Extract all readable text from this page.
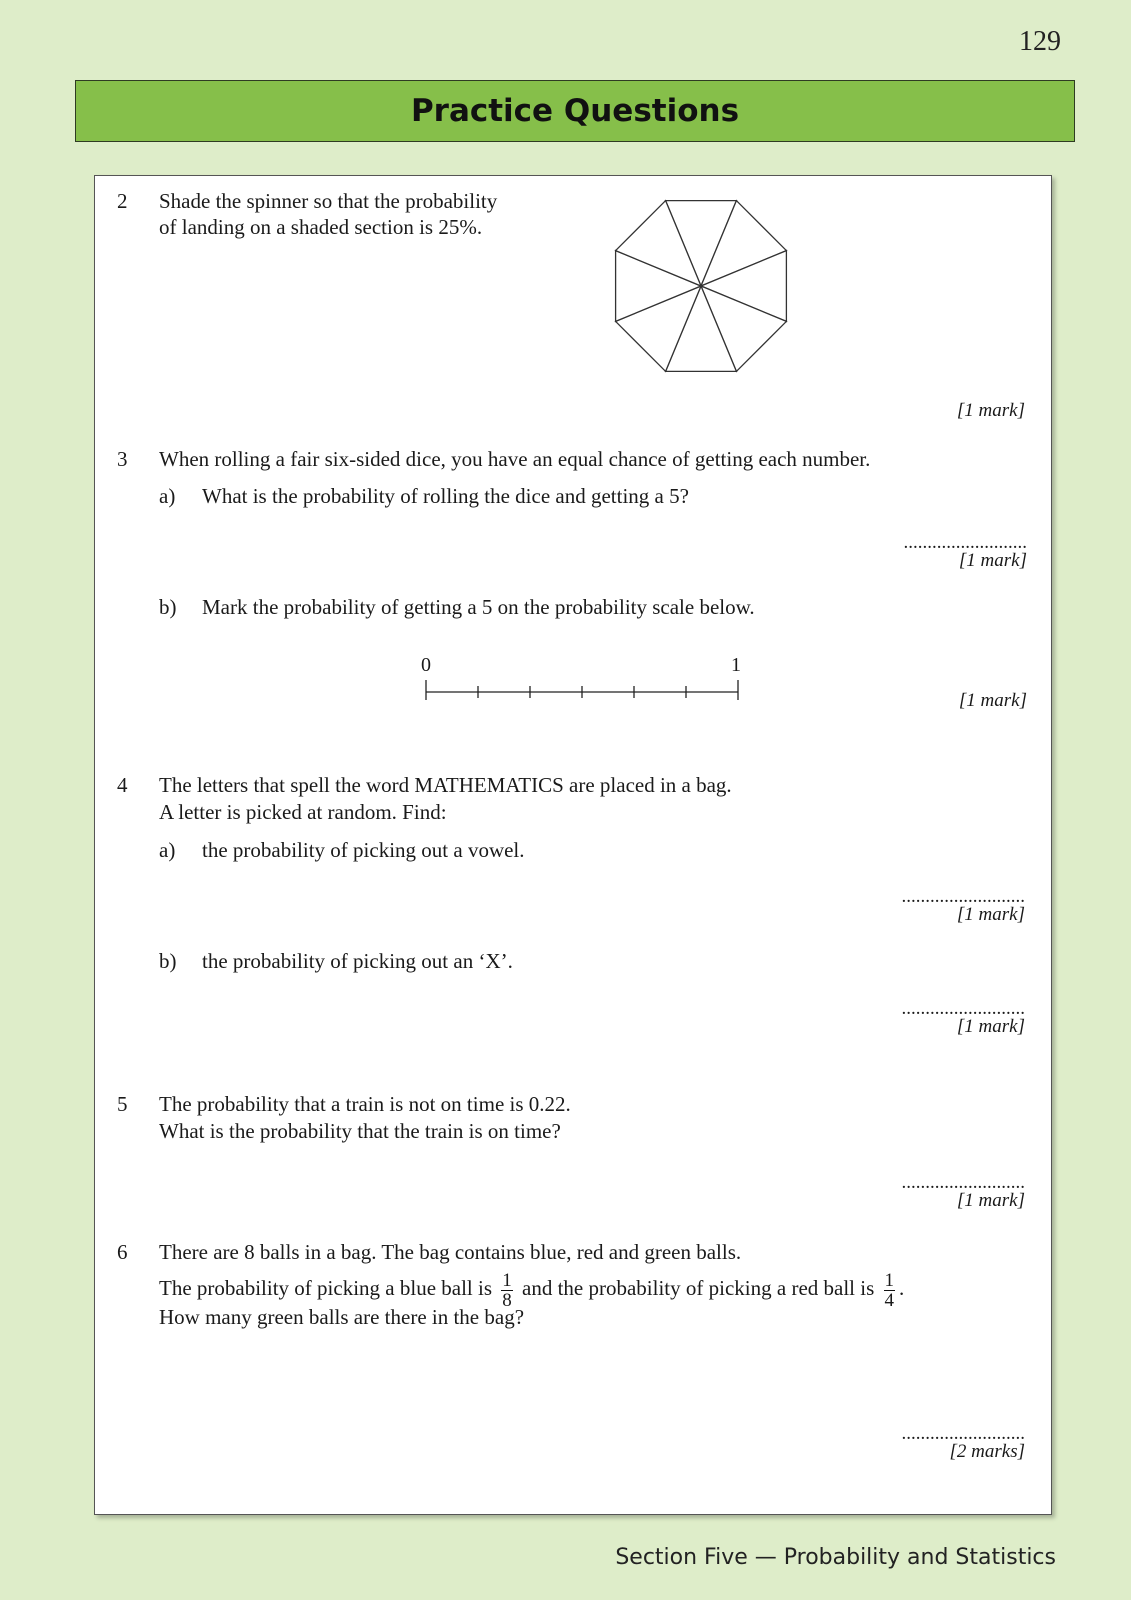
129
Practice Questions
2 Shade the spinner so that the probability
of landing on a shaded section is 25%.
[1 mark]
3 When rolling a fair six-sided dice, you have an equal chance of getting each number.
a) What is the probability of rolling the dice and getting a 5?
..........................
[1 mark]
b) Mark the probability of getting a 5 on the probability scale below.
0	1
[1 mark]
4 The letters that spell the word MATHEMATICS are placed in a bag.
A letter is picked at random. Find:
a) the probability of picking out a vowel.
..........................
[1 mark]
b) the probability of picking out an ‘X’.
..........................
[1 mark]
5 The probability that a train is not on time is 0.22.
What is the probability that the train is on time?
..........................
[1 mark]
6 There are 8 balls in a bag. The bag contains blue, red and green balls.
The probability of picking a blue ball is $\frac{1}{8}$ and the probability of picking a red ball is $\frac{1}{4}$ .
How many green balls are there in the bag?
..........................
[2 marks]
Section Five — Probability and Statistics
